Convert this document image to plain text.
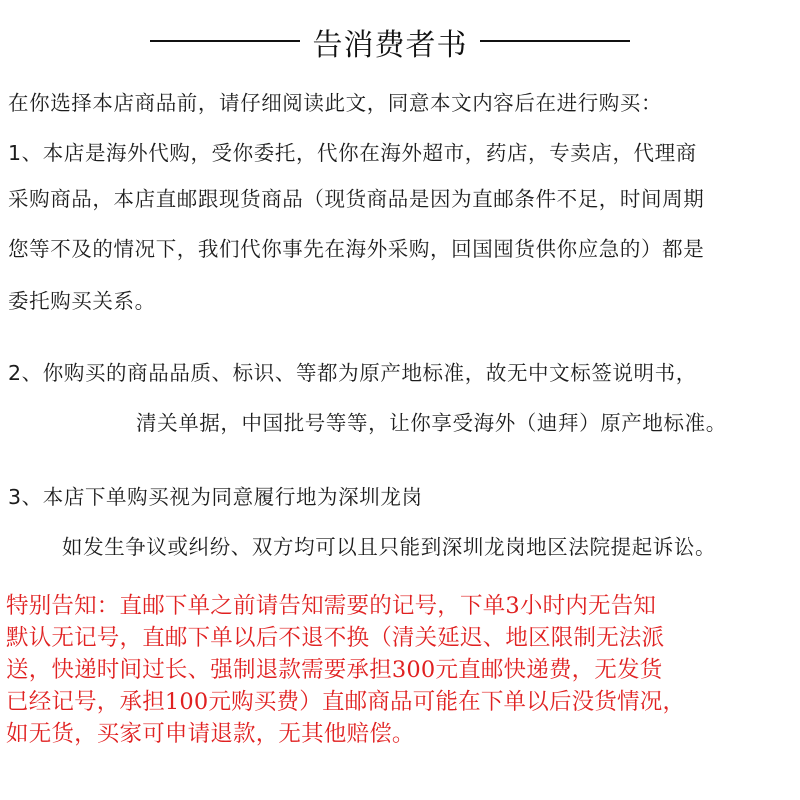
告消费者书
在你选择本店商品前，请仔细阅读此文，同意本文内容后在进行购买：
1、本店是海外代购，受你委托，代你在海外超市，药店，专卖店，代理商
采购商品，本店直邮跟现货商品（现货商品是因为直邮条件不足，时间周期
您等不及的情况下，我们代你事先在海外采购，回国囤货供你应急的）都是
委托购买关系。
2、你购买的商品品质、标识、等都为原产地标准，故无中文标签说明书，
清关单据，中国批号等等，让你享受海外（迪拜）原产地标准。
3、本店下单购买视为同意履行地为深圳龙岗
如发生争议或纠纷、双方均可以且只能到深圳龙岗地区法院提起诉讼。
特别告知：直邮下单之前请告知需要的记号，下单3小时内无告知
默认无记号，直邮下单以后不退不换（清关延迟、地区限制无法派
送，快递时间过长、强制退款需要承担300元直邮快递费，无发货
已经记号，承担100元购买费）直邮商品可能在下单以后没货情况，
如无货，买家可申请退款，无其他赔偿。
